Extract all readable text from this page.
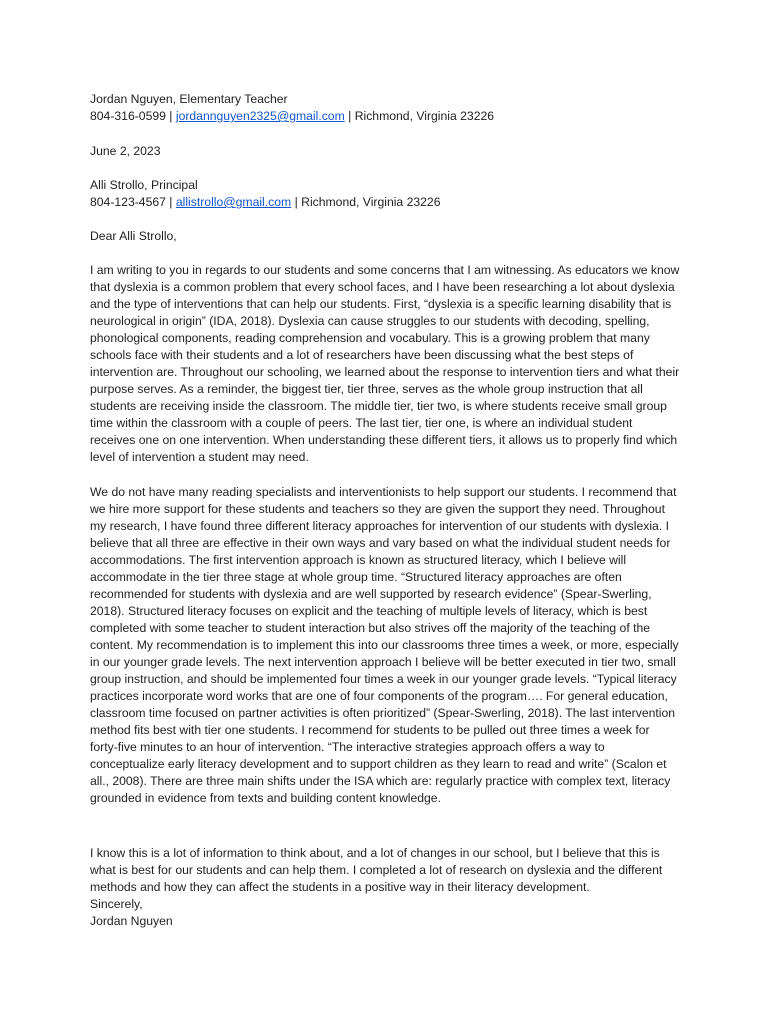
Jordan Nguyen, Elementary Teacher

804-316-0599 | jordannguyen2325@gmail.com | Richmond, Virginia 23226

June 2, 2023

Alli Strollo, Principal

804-123-4567 | allistrollo@gmail.com | Richmond, Virginia 23226

Dear Alli Strollo,

I am writing to you in regards to our students and some concerns that I am witnessing. As educators we know that dyslexia is a common problem that every school faces, and I have been researching a lot about dyslexia and the type of interventions that can help our students. First, “dyslexia is a specific learning disability that is neurological in origin” (IDA, 2018). Dyslexia can cause struggles to our students with decoding, spelling, phonological components, reading comprehension and vocabulary. This is a growing problem that many schools face with their students and a lot of researchers have been discussing what the best steps of intervention are. Throughout our schooling, we learned about the response to intervention tiers and what their purpose serves. As a reminder, the biggest tier, tier three, serves as the whole group instruction that all students are receiving inside the classroom. The middle tier, tier two, is where students receive small group time within the classroom with a couple of peers. The last tier, tier one, is where an individual student receives one on one intervention. When understanding these different tiers, it allows us to properly find which level of intervention a student may need.

We do not have many reading specialists and interventionists to help support our students. I recommend that we hire more support for these students and teachers so they are given the support they need. Throughout my research, I have found three different literacy approaches for intervention of our students with dyslexia. I believe that all three are effective in their own ways and vary based on what the individual student needs for accommodations. The first intervention approach is known as structured literacy, which I believe will accommodate in the tier three stage at whole group time. “Structured literacy approaches are often recommended for students with dyslexia and are well supported by research evidence” (Spear-Swerling, 2018). Structured literacy focuses on explicit and the teaching of multiple levels of literacy, which is best completed with some teacher to student interaction but also strives off the majority of the teaching of the content. My recommendation is to implement this into our classrooms three times a week, or more, especially in our younger grade levels. The next intervention approach I believe will be better executed in tier two, small group instruction, and should be implemented four times a week in our younger grade levels. “Typical literacy practices incorporate word works that are one of four components of the program…. For general education, classroom time focused on partner activities is often prioritized” (Spear-Swerling, 2018). The last intervention method fits best with tier one students. I recommend for students to be pulled out three times a week for forty-five minutes to an hour of intervention. “The interactive strategies approach offers a way to conceptualize early literacy development and to support children as they learn to read and write” (Scalon et all., 2008). There are three main shifts under the ISA which are: regularly practice with complex text, literacy grounded in evidence from texts and building content knowledge.

I know this is a lot of information to think about, and a lot of changes in our school, but I believe that this is what is best for our students and can help them. I completed a lot of research on dyslexia and the different methods and how they can affect the students in a positive way in their literacy development.

Sincerely,

Jordan Nguyen
